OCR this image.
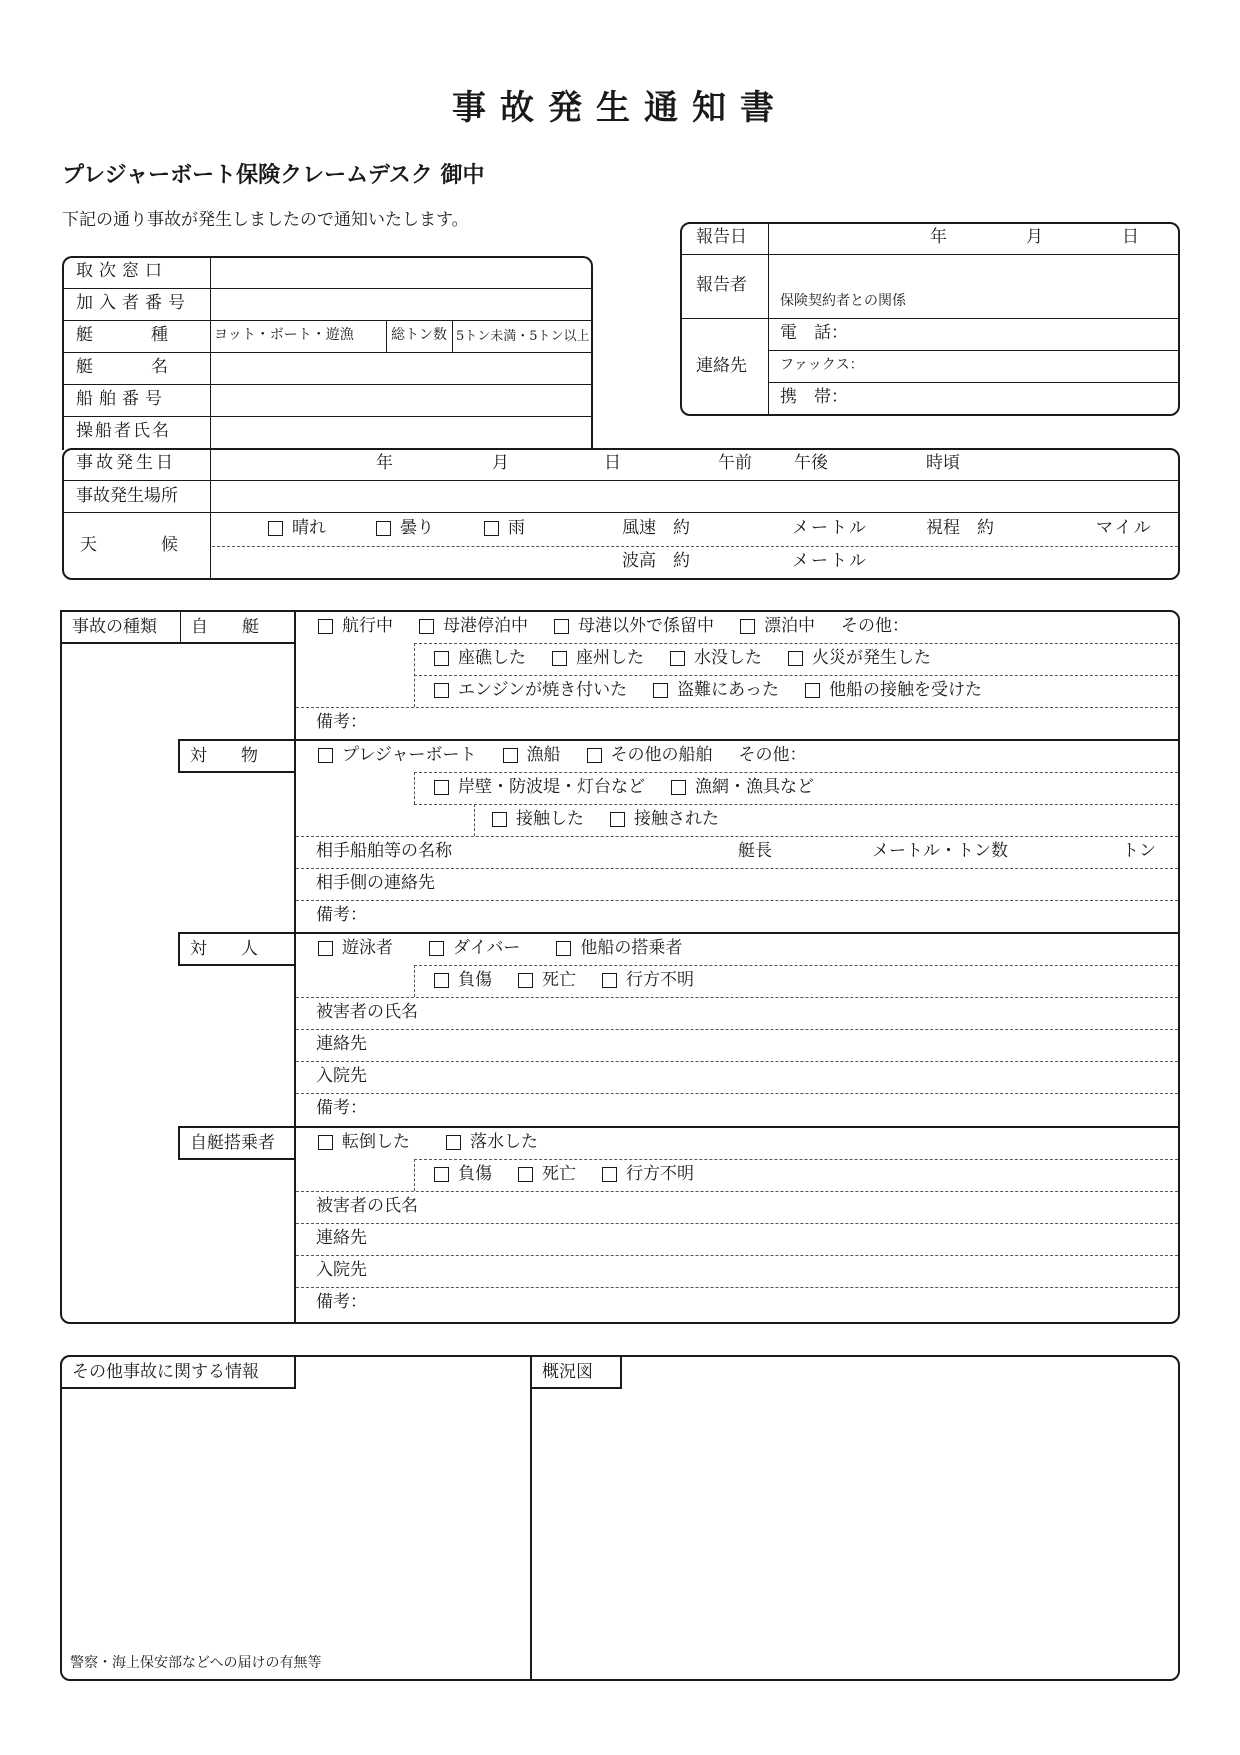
事故発生通知書
プレジャーボート保険クレームデスク 御中
下記の通り事故が発生しましたので通知いたします。
報告日	年	月	日
報告者
保険契約者との関係
連絡先
電　話：
ファックス：
携　帯：
取次窓口
加入者番号
艇　　種	ヨット・ボート・遊漁	総トン数 5トン未満・5トン以上
艇　　名
船舶番号
操船者氏名
事故発生日	年	月	日	午前 午後	時頃
事故発生場所
天　　候
晴れ	曇り	雨	風速　約	メートル	視程　約	マイル
波高　約	メートル
事故の種類	自　　艇	航行中	母港停泊中	母港以外で係留中	漂泊中 その他：
座礁した	座州した	水没した	火災が発生した
エンジンが焼き付いた	盗難にあった	他船の接触を受けた
備考：
対　　物	プレジャーボート	漁船	その他の船舶 その他：
岸壁・防波堤・灯台など	漁網・漁具など
接触した	接触された
相手船舶等の名称	艇長	メートル・トン数	トン
相手側の連絡先
備考：
対　　人	遊泳者	ダイバー	他船の搭乗者
負傷	死亡	行方不明
被害者の氏名
連絡先
入院先
備考：
自艇搭乗者	転倒した	落水した
負傷	死亡	行方不明
被害者の氏名
連絡先
入院先
備考：
その他事故に関する情報
警察・海上保安部などへの届けの有無等
概況図
